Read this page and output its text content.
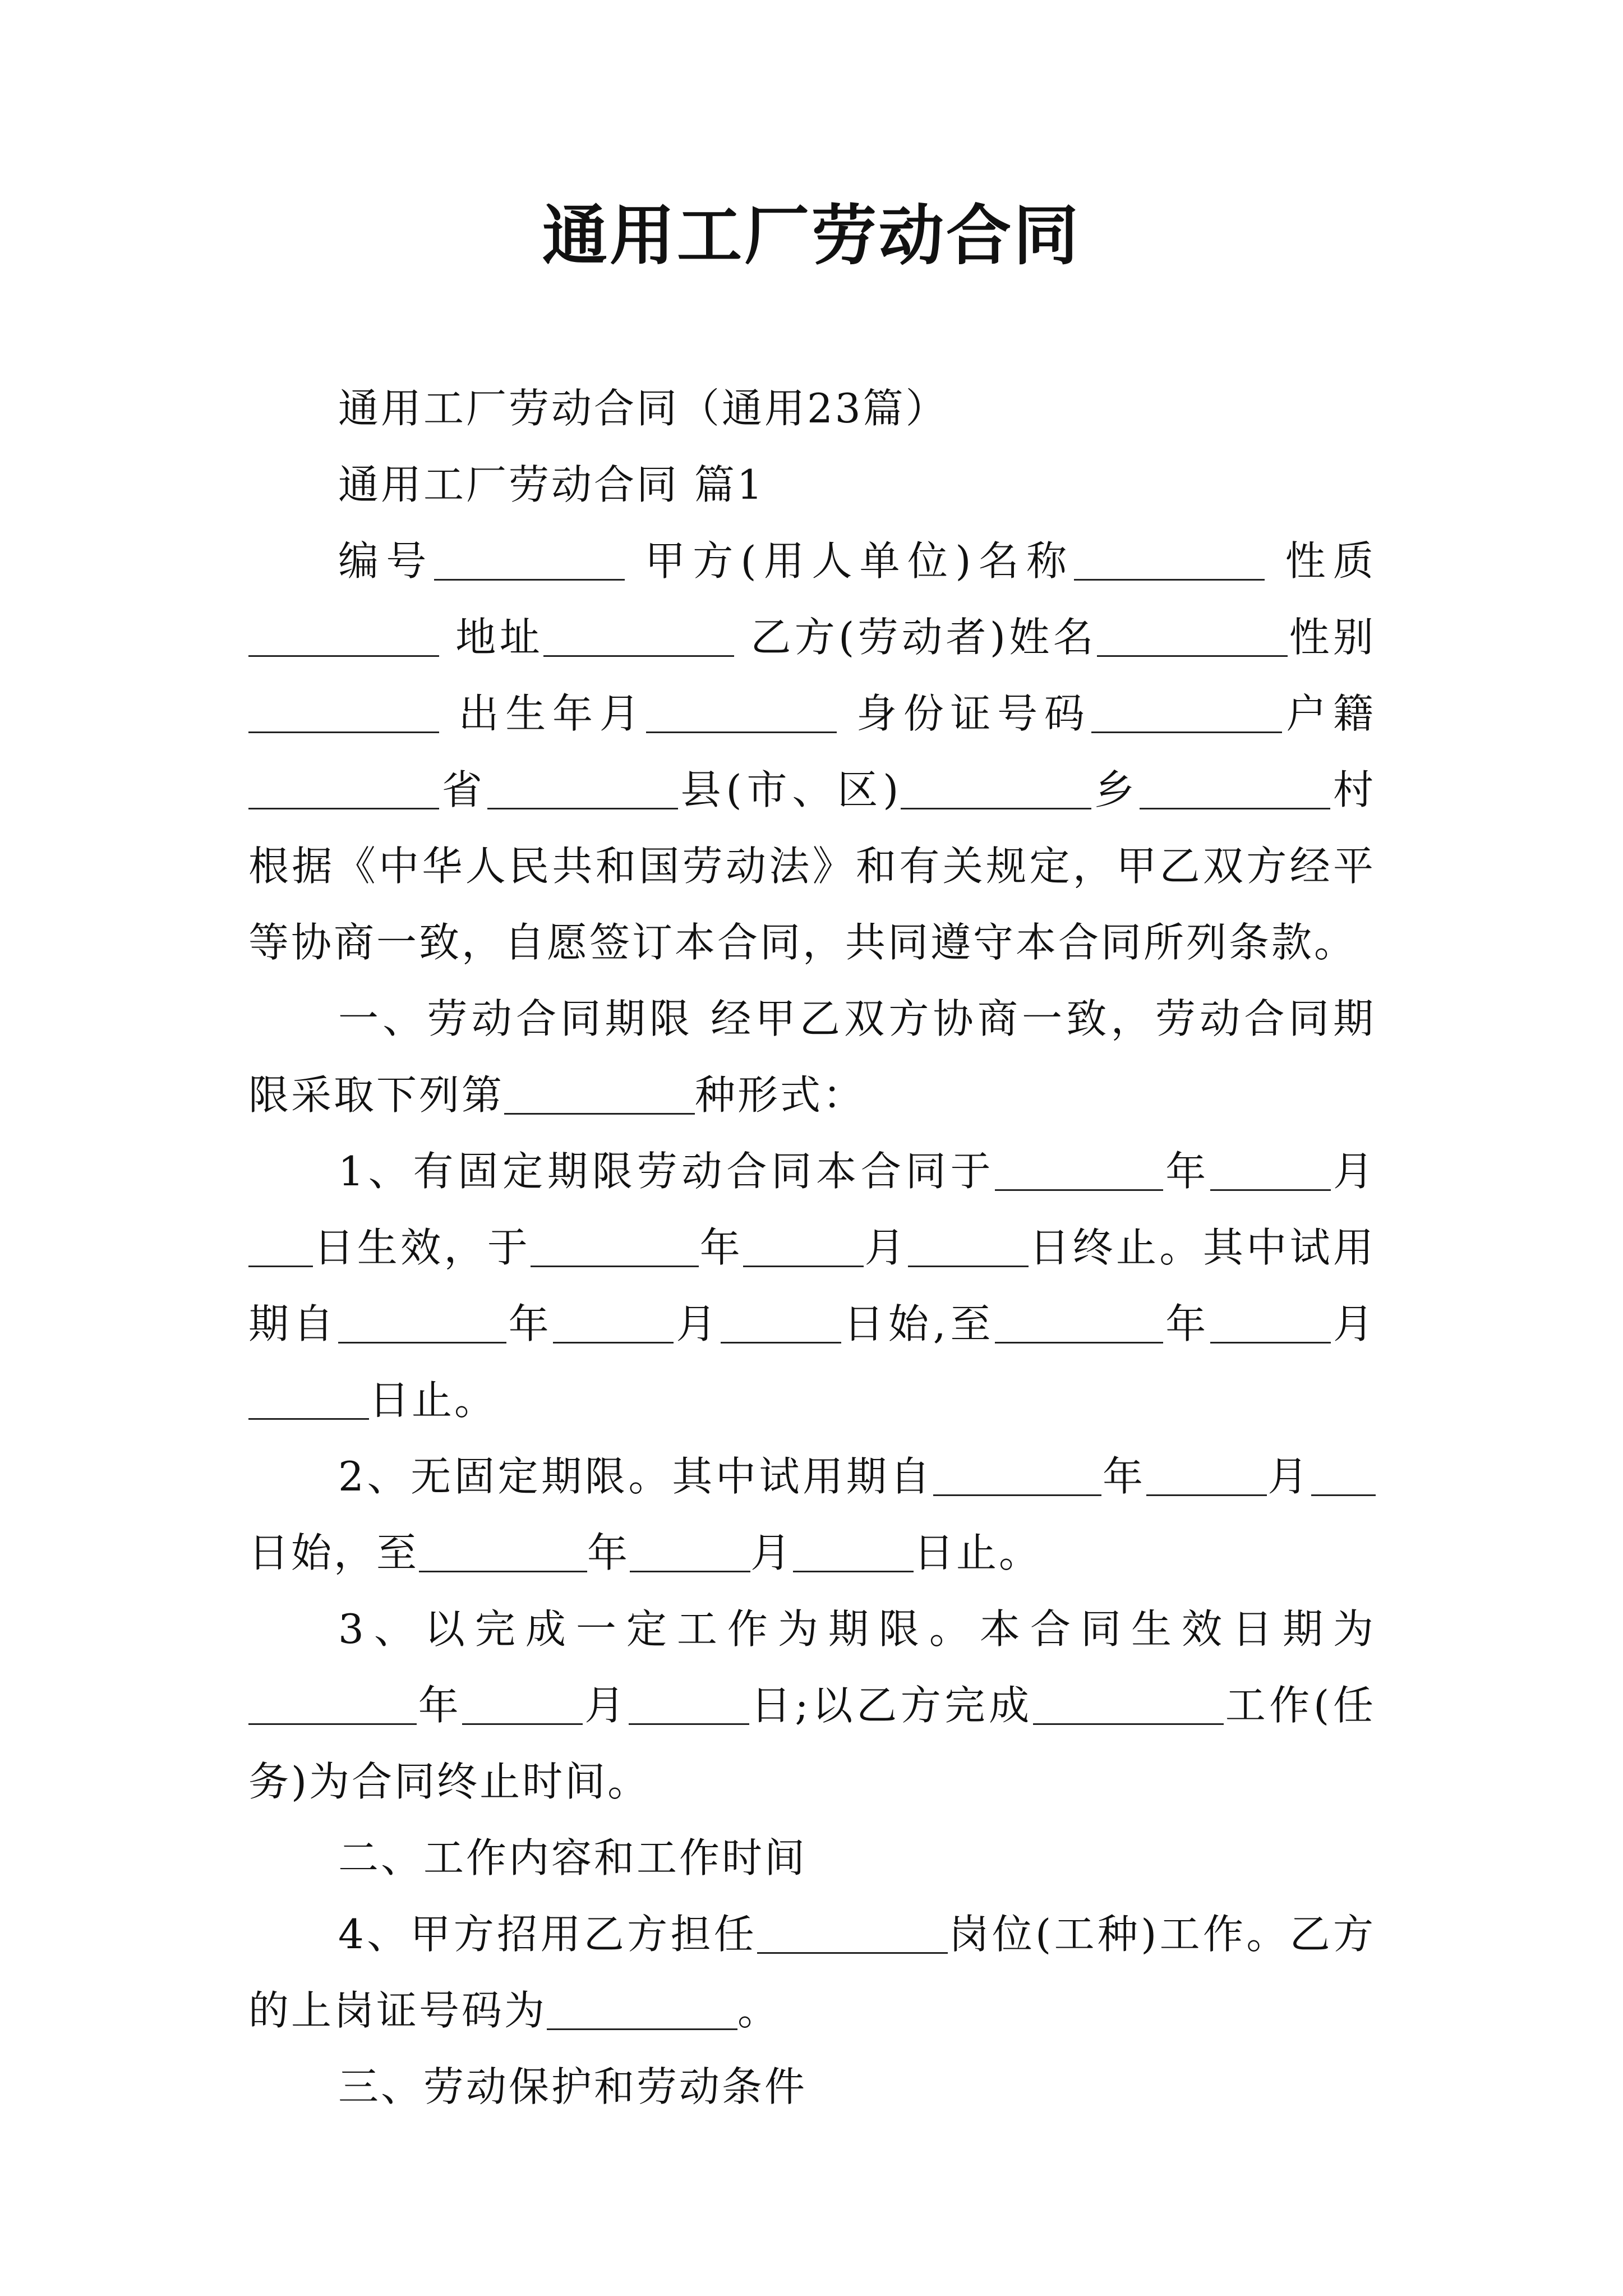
通用工厂劳动合同

通用工厂劳动合同（通用23篇）

通用工厂劳动合同 篇1

编号	甲方(用人单位)名称	性质 地址	乙方(劳动者)姓名	性别 出生年月	身份证号码	户籍省	县(市、区)	乡	村根据《中华人民共和国劳动法》和有关规定，甲乙双方经平等协商一致，自愿签订本合同，共同遵守本合同所列条款。

一、劳动合同期限 经甲乙双方协商一致，劳动合同期限采取下列第	种形式：

1、有固定期限劳动合同本合同于	年	月日生效，于	年	月	日终止。其中试用期自	年	月	日始,至	年	月日止。

2、无固定期限。其中试用期自	年	月日始，至	年	月	日止。

3、以完成一定工作为期限。本合同生效日期为年	月	日;以乙方完成	工作(任务)为合同终止时间。

二、工作内容和工作时间

4、甲方招用乙方担任	岗位(工种)工作。乙方的上岗证号码为	。

三、劳动保护和劳动条件
